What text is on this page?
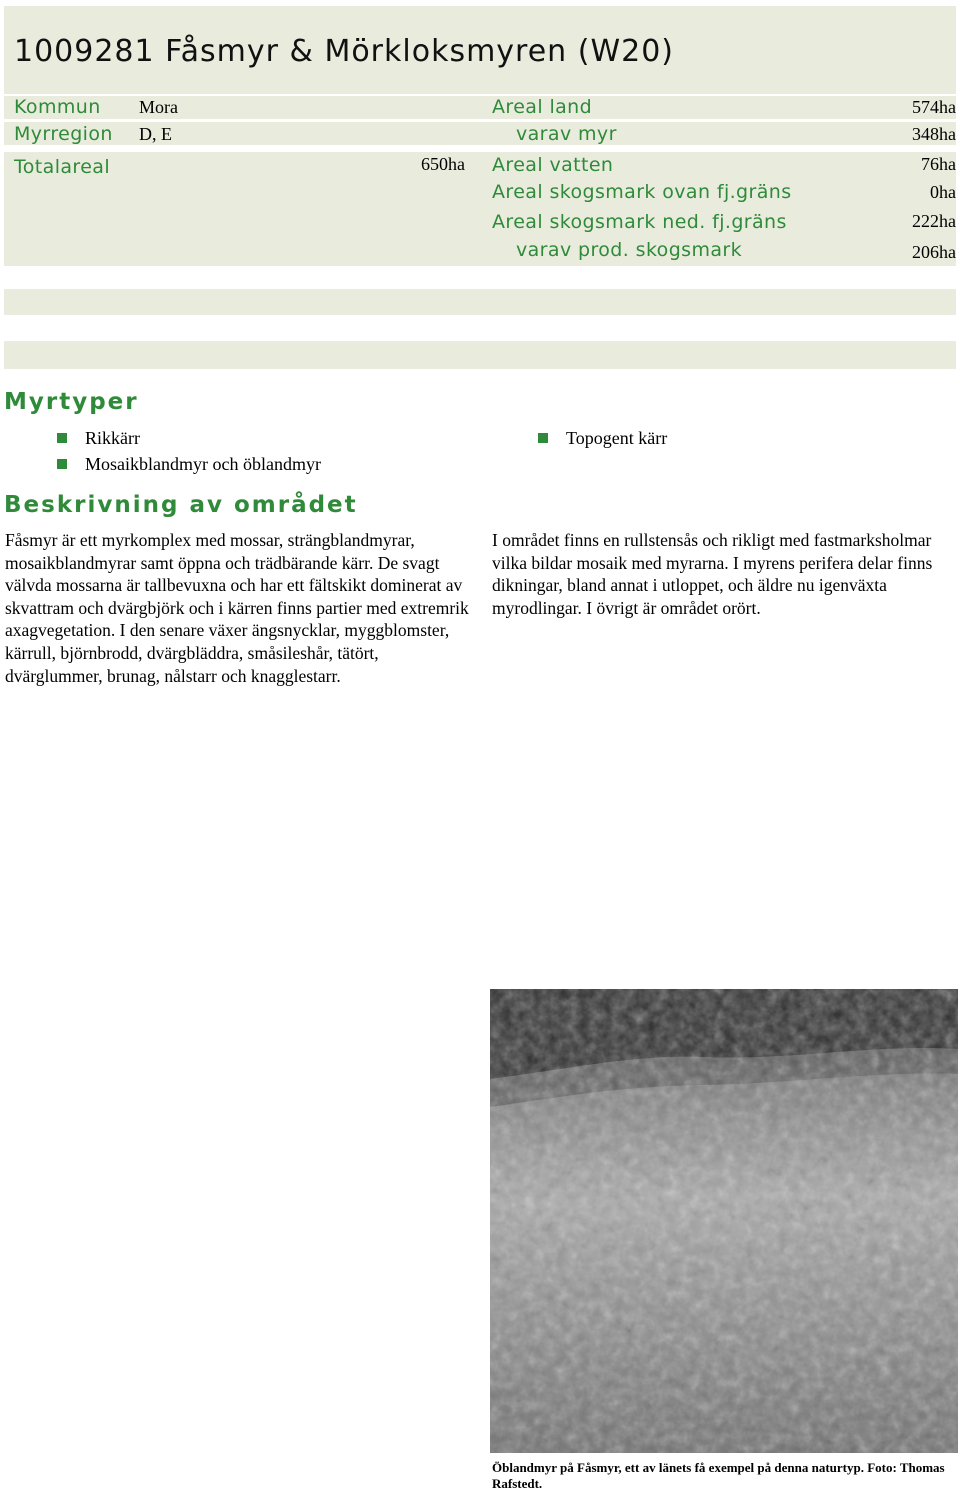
1009281 Fåsmyr & Mörkloksmyren (W20)
Kommun Mora
Myrregion D, E
Totalareal	650ha
Areal land	574ha
varav myr	348ha
Areal vatten	76ha
Areal skogsmark ovan fj.gräns	0ha
Areal skogsmark ned. fj.gräns	222ha
varav prod. skogsmark	206ha
Myrtyper
Rikkärr
Mosaikblandmyr och öblandmyr
Topogent kärr
Beskrivning av området
Fåsmyr är ett myrkomplex med mossar, strängblandmyrar, mosaikblandmyrar samt öppna och trädbärande kärr. De svagt välvda mossarna är tallbevuxna och har ett fältskikt dominerat av skvattram och dvärgbjörk och i kärren finns partier med extremrik axagvegetation. I den senare växer ängsnycklar, myggblomster, kärrull, björnbrodd, dvärgbläddra, småsileshår, tätört, dvärglummer, brunag, nålstarr och knagglestarr.
I området finns en rullstensås och rikligt med fastmarksholmar vilka bildar mosaik med myrarna. I myrens perifera delar finns dikningar, bland annat i utloppet, och äldre nu igenväxta myrodlingar. I övrigt är området orört.
Öblandmyr på Fåsmyr, ett av länets få exempel på denna naturtyp. Foto: Thomas Rafstedt.
